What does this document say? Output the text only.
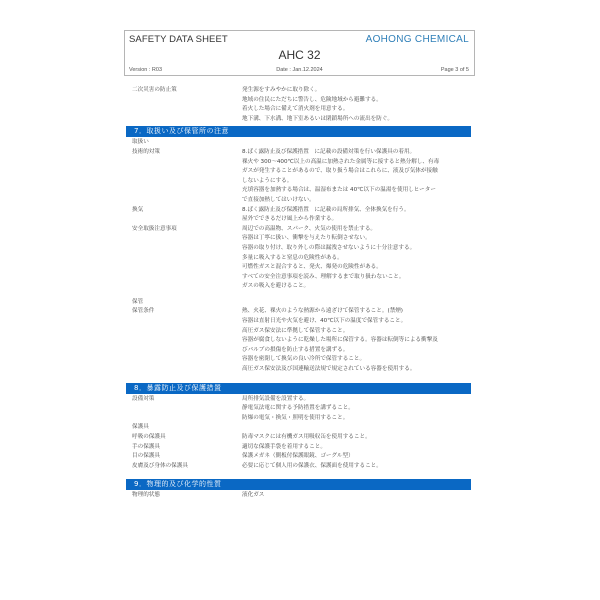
SAFETY DATA SHEET	AOHONG CHEMICAL
AHC 32
Version : R03	Date : Jan.12.2024	Page 3 of 5
二次災害の防止策	発生源をすみやかに取り除く。
地域の住民にただちに警告し、危険地域から避難する。
着火した場合に備えて消火剤を用意する。
地下溝、下水溝、地下室あるいは閉鎖場所への流出を防ぐ。
7．取扱い及び保管所の注意
取扱い
技術的対策	8.ばく露防止及び保護措置　に記載の設備対策を行い保護具の着用。
裸火や 300～400℃以上の高温に加熱された金属等に接すると熱分解し、有毒
ガスが発生することがあるので、取り扱う場合はこれらに、液及び気体が接触
しないようにする。
充填容器を加熱する場合は、温湿布または 40℃以下の温湯を使用しヒーター
で直接加熱してはいけない。
換気	8.ばく露防止及び保護措置　に記載の局所排気、全体換気を行う。
屋外でできるだけ風上から作業する。
安全取扱注意事項	周辺での高温物、スパーク、火気の使用を禁止する。
容器は丁寧に扱い、衝撃を与えたり転倒させない。
容器の取り付け、取り外しの際は漏洩させないように十分注意する。
多量に吸入すると窒息の危険性がある。
可燃性ガスと混合すると、発火、爆発の危険性がある。
すべての安全注意事項を読み、理解するまで取り扱わないこと。
ガスの吸入を避けること。
保管
保管条件	熱、火花、裸火のような熱源から遠ざけて保管すること。(禁煙)
容器は直射日光や火気を避け、40℃以下の温度で保管すること。
高圧ガス保安法に準拠して保管すること。
容器が腐食しないように乾燥した場所に保管する。容器は転倒等による衝撃及
びバルブの損傷を防止する措置を講ずる。
容器を密閉して換気の良い冷所で保管すること。
高圧ガス保安法及び国連輸送法規で規定されている容器を使用する。
8．暴露防止及び保護措置
設備対策	局所排気設備を設置する。
静電気法電に関する予防措置を講ずること。
防爆の電気・換気・照明を使用すること。
保護具
呼吸の保護具	防毒マスクには有機ガス用吸収缶を使用すること。
手の保護具	適切な保護手袋を着用すること。
目の保護具	保護メガネ（側板付保護眼鏡、ゴーグル型）
皮膚及び身体の保護具	必要に応じて個人用の保護衣、保護面を使用すること。
9．物理的及び化学的性質
物理的状態	液化ガス
